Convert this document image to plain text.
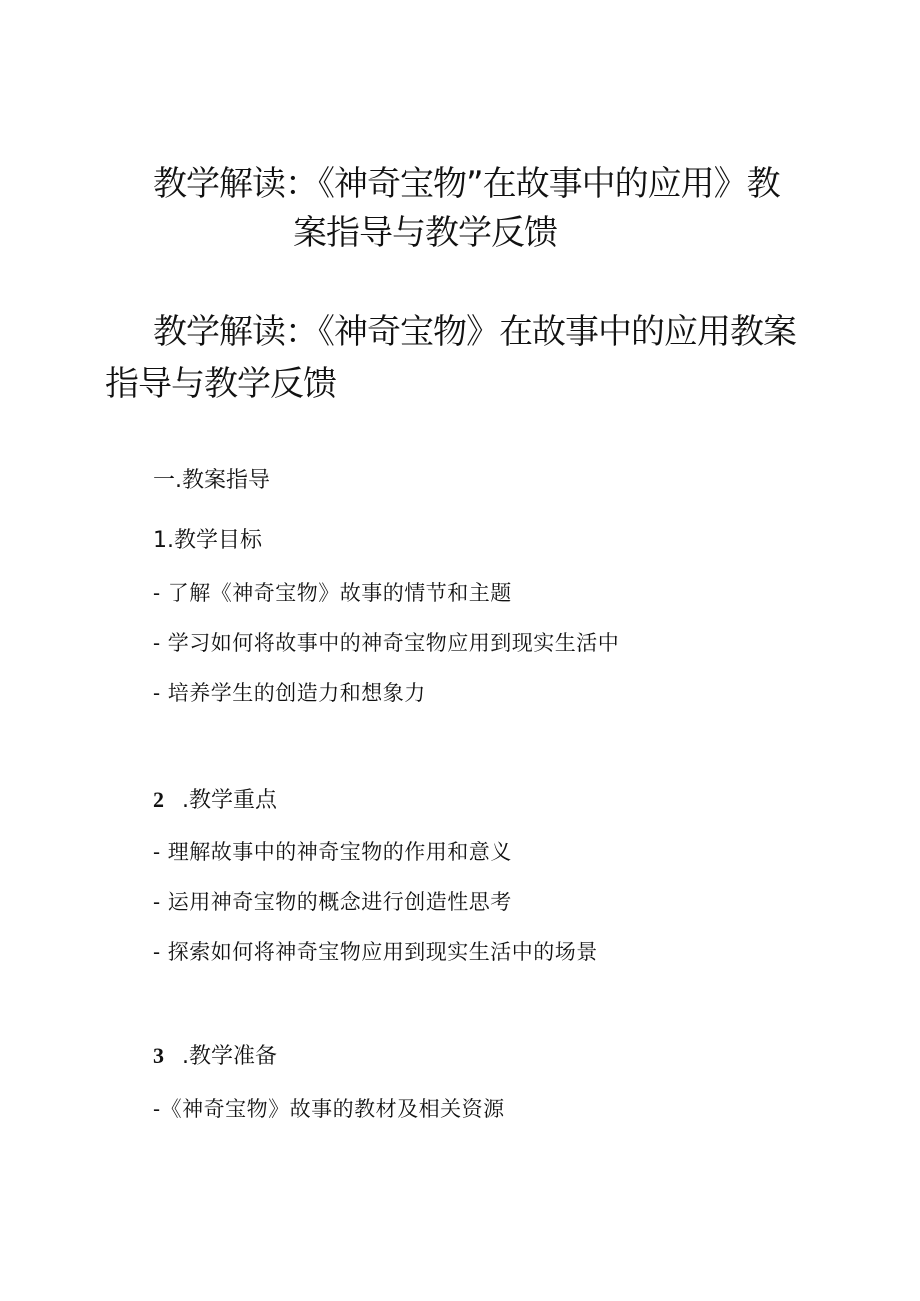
教学解读：《神奇宝物”在故事中的应用》教
案指导与教学反馈
教学解读：《神奇宝物》在故事中的应用教案
指导与教学反馈

一.教案指导

1.教学目标

- 了解《神奇宝物》故事的情节和主题

- 学习如何将故事中的神奇宝物应用到现实生活中

- 培养学生的创造力和想象力

2 .教学重点

- 理解故事中的神奇宝物的作用和意义

- 运用神奇宝物的概念进行创造性思考

- 探索如何将神奇宝物应用到现实生活中的场景

3 .教学准备

-《神奇宝物》故事的教材及相关资源
